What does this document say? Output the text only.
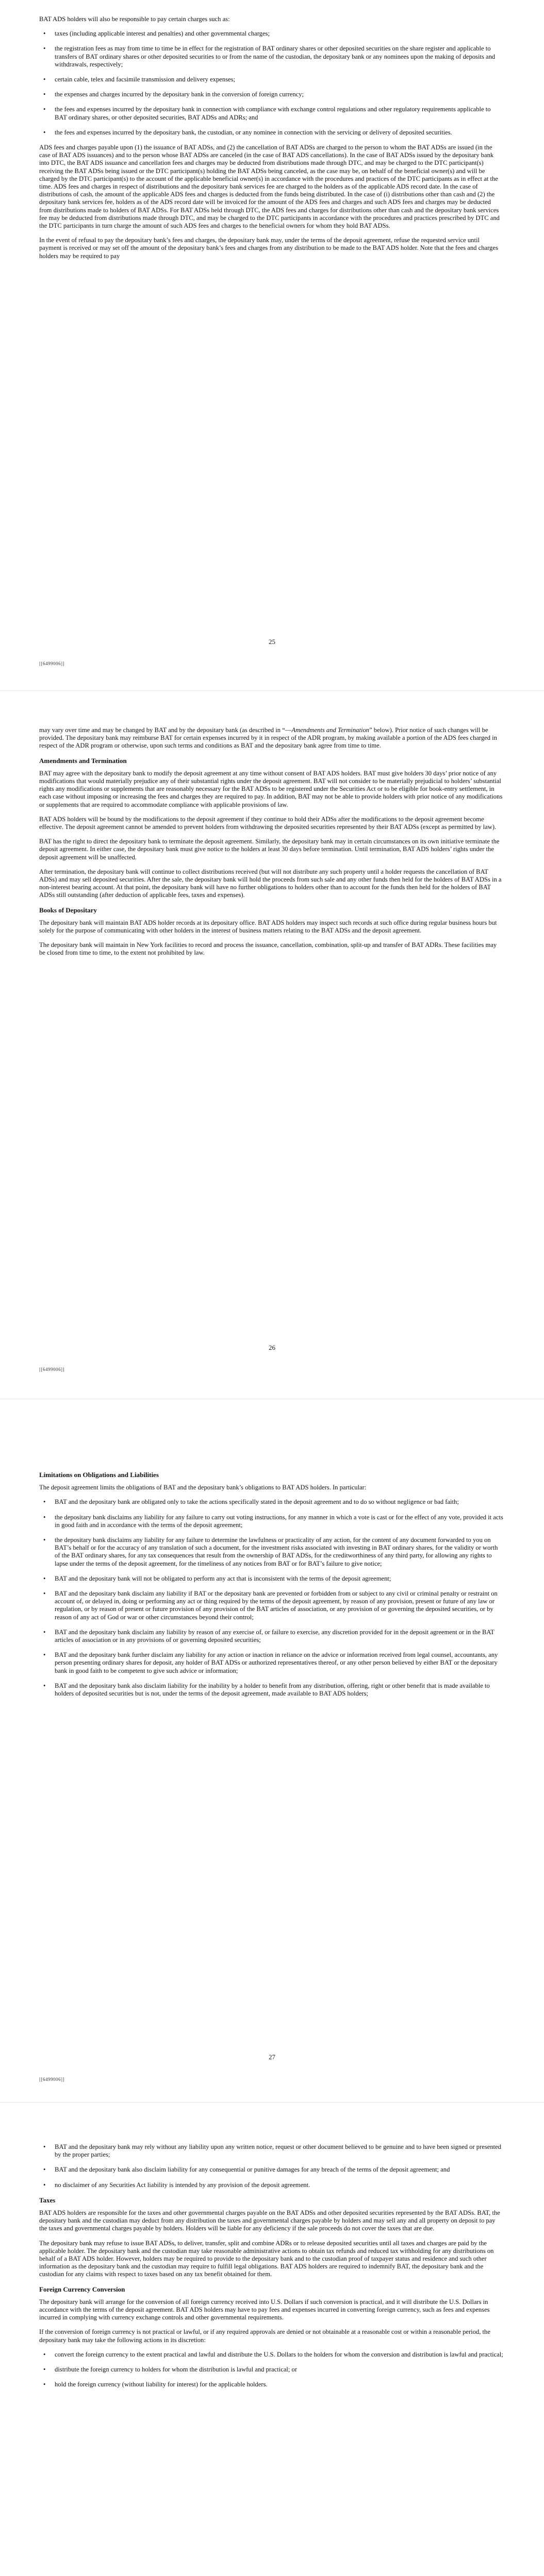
BAT ADS holders will also be responsible to pay certain charges such as:

• taxes (including applicable interest and penalties) and other governmental charges;
• the registration fees as may from time to time be in effect for the registration of BAT ordinary shares or other deposited securities on the share register and applicable to transfers of BAT ordinary shares or other deposited securities to or from the name of the custodian, the depositary bank or any nominees upon the making of deposits and withdrawals, respectively;
• certain cable, telex and facsimile transmission and delivery expenses;
• the expenses and charges incurred by the depositary bank in the conversion of foreign currency;
• the fees and expenses incurred by the depositary bank in connection with compliance with exchange control regulations and other regulatory requirements applicable to BAT ordinary shares, or other deposited securities, BAT ADSs and ADRs; and
• the fees and expenses incurred by the depositary bank, the custodian, or any nominee in connection with the servicing or delivery of deposited securities.

ADS fees and charges payable upon (1) the issuance of BAT ADSs, and (2) the cancellation of BAT ADSs are charged to the person to whom the BAT ADSs are issued (in the case of BAT ADS issuances) and to the person whose BAT ADSs are canceled (in the case of BAT ADS cancellations). In the case of BAT ADSs issued by the depositary bank into DTC, the BAT ADS issuance and cancellation fees and charges may be deducted from distributions made through DTC, and may be charged to the DTC participant(s) receiving the BAT ADSs being issued or the DTC participant(s) holding the BAT ADSs being canceled, as the case may be, on behalf of the beneficial owner(s) and will be charged by the DTC participant(s) to the account of the applicable beneficial owner(s) in accordance with the procedures and practices of the DTC participants as in effect at the time. ADS fees and charges in respect of distributions and the depositary bank services fee are charged to the holders as of the applicable ADS record date. In the case of distributions of cash, the amount of the applicable ADS fees and charges is deducted from the funds being distributed. In the case of (i) distributions other than cash and (2) the depositary bank services fee, holders as of the ADS record date will be invoiced for the amount of the ADS fees and charges and such ADS fees and charges may be deducted from distributions made to holders of BAT ADSs. For BAT ADSs held through DTC, the ADS fees and charges for distributions other than cash and the depositary bank services fee may be deducted from distributions made through DTC, and may be charged to the DTC participants in accordance with the procedures and practices prescribed by DTC and the DTC participants in turn charge the amount of such ADS fees and charges to the beneficial owners for whom they hold BAT ADSs.

In the event of refusal to pay the depositary bank’s fees and charges, the depositary bank may, under the terms of the deposit agreement, refuse the requested service until payment is received or may set off the amount of the depositary bank’s fees and charges from any distribution to be made to the BAT ADS holder. Note that the fees and charges holders may be required to pay

25
[[6499006]]

may vary over time and may be changed by BAT and by the depositary bank (as described in “—Amendments and Termination” below). Prior notice of such changes will be provided. The depositary bank may reimburse BAT for certain expenses incurred by it in respect of the ADR program, by making available a portion of the ADS fees charged in respect of the ADR program or otherwise, upon such terms and conditions as BAT and the depositary bank agree from time to time.

Amendments and Termination

BAT may agree with the depositary bank to modify the deposit agreement at any time without consent of BAT ADS holders. BAT must give holders 30 days’ prior notice of any modifications that would materially prejudice any of their substantial rights under the deposit agreement. BAT will not consider to be materially prejudicial to holders’ substantial rights any modifications or supplements that are reasonably necessary for the BAT ADSs to be registered under the Securities Act or to be eligible for book-entry settlement, in each case without imposing or increasing the fees and charges they are required to pay. In addition, BAT may not be able to provide holders with prior notice of any modifications or supplements that are required to accommodate compliance with applicable provisions of law.

BAT ADS holders will be bound by the modifications to the deposit agreement if they continue to hold their ADSs after the modifications to the deposit agreement become effective. The deposit agreement cannot be amended to prevent holders from withdrawing the deposited securities represented by their BAT ADSs (except as permitted by law).

BAT has the right to direct the depositary bank to terminate the deposit agreement. Similarly, the depositary bank may in certain circumstances on its own initiative terminate the deposit agreement. In either case, the depositary bank must give notice to the holders at least 30 days before termination. Until termination, BAT ADS holders’ rights under the deposit agreement will be unaffected.

After termination, the depositary bank will continue to collect distributions received (but will not distribute any such property until a holder requests the cancellation of BAT ADSs) and may sell deposited securities. After the sale, the depositary bank will hold the proceeds from such sale and any other funds then held for the holders of BAT ADSs in a non-interest bearing account. At that point, the depositary bank will have no further obligations to holders other than to account for the funds then held for the holders of BAT ADSs still outstanding (after deduction of applicable fees, taxes and expenses).

Books of Depositary

The depositary bank will maintain BAT ADS holder records at its depositary office. BAT ADS holders may inspect such records at such office during regular business hours but solely for the purpose of communicating with other holders in the interest of business matters relating to the BAT ADSs and the deposit agreement.

The depositary bank will maintain in New York facilities to record and process the issuance, cancellation, combination, split-up and transfer of BAT ADRs. These facilities may be closed from time to time, to the extent not prohibited by law.

26
[[6499006]]
Limitations on Obligations and Liabilities

The deposit agreement limits the obligations of BAT and the depositary bank’s obligations to BAT ADS holders. In particular:

• BAT and the depositary bank are obligated only to take the actions specifically stated in the deposit agreement and to do so without negligence or bad faith;
• the depositary bank disclaims any liability for any failure to carry out voting instructions, for any manner in which a vote is cast or for the effect of any vote, provided it acts in good faith and in accordance with the terms of the deposit agreement;
• the depositary bank disclaims any liability for any failure to determine the lawfulness or practicality of any action, for the content of any document forwarded to you on BAT’s behalf or for the accuracy of any translation of such a document, for the investment risks associated with investing in BAT ordinary shares, for the validity or worth of the BAT ordinary shares, for any tax consequences that result from the ownership of BAT ADSs, for the creditworthiness of any third party, for allowing any rights to lapse under the terms of the deposit agreement, for the timeliness of any notices from BAT or for BAT’s failure to give notice;
• BAT and the depositary bank will not be obligated to perform any act that is inconsistent with the terms of the deposit agreement;
• BAT and the depositary bank disclaim any liability if BAT or the depositary bank are prevented or forbidden from or subject to any civil or criminal penalty or restraint on account of, or delayed in, doing or performing any act or thing required by the terms of the deposit agreement, by reason of any provision, present or future of any law or regulation, or by reason of present or future provision of any provision of the BAT articles of association, or any provision of or governing the deposited securities, or by reason of any act of God or war or other circumstances beyond their control;
• BAT and the depositary bank disclaim any liability by reason of any exercise of, or failure to exercise, any discretion provided for in the deposit agreement or in the BAT articles of association or in any provisions of or governing deposited securities;
• BAT and the depositary bank further disclaim any liability for any action or inaction in reliance on the advice or information received from legal counsel, accountants, any person presenting ordinary shares for deposit, any holder of BAT ADSs or authorized representatives thereof, or any other person believed by either BAT or the depositary bank in good faith to be competent to give such advice or information;
• BAT and the depositary bank also disclaim liability for the inability by a holder to benefit from any distribution, offering, right or other benefit that is made available to holders of deposited securities but is not, under the terms of the deposit agreement, made available to BAT ADS holders;
27
[[6499006]]
• BAT and the depositary bank may rely without any liability upon any written notice, request or other document believed to be genuine and to have been signed or presented by the proper parties;
• BAT and the depositary bank also disclaim liability for any consequential or punitive damages for any breach of the terms of the deposit agreement; and
• no disclaimer of any Securities Act liability is intended by any provision of the deposit agreement.
Taxes

BAT ADS holders are responsible for the taxes and other governmental charges payable on the BAT ADSs and other deposited securities represented by the BAT ADSs. BAT, the depositary bank and the custodian may deduct from any distribution the taxes and governmental charges payable by holders and may sell any and all property on deposit to pay the taxes and governmental charges payable by holders. Holders will be liable for any deficiency if the sale proceeds do not cover the taxes that are due.

The depositary bank may refuse to issue BAT ADSs, to deliver, transfer, split and combine ADRs or to release deposited securities until all taxes and charges are paid by the applicable holder. The depositary bank and the custodian may take reasonable administrative actions to obtain tax refunds and reduced tax withholding for any distributions on behalf of a BAT ADS holder. However, holders may be required to provide to the depositary bank and to the custodian proof of taxpayer status and residence and such other information as the depositary bank and the custodian may require to fulfill legal obligations. BAT ADS holders are required to indemnify BAT, the depositary bank and the custodian for any claims with respect to taxes based on any tax benefit obtained for them.

Foreign Currency Conversion

The depositary bank will arrange for the conversion of all foreign currency received into U.S. Dollars if such conversion is practical, and it will distribute the U.S. Dollars in accordance with the terms of the deposit agreement. BAT ADS holders may have to pay fees and expenses incurred in converting foreign currency, such as fees and expenses incurred in complying with currency exchange controls and other governmental requirements.

If the conversion of foreign currency is not practical or lawful, or if any required approvals are denied or not obtainable at a reasonable cost or within a reasonable period, the depositary bank may take the following actions in its discretion:

• convert the foreign currency to the extent practical and lawful and distribute the U.S. Dollars to the holders for whom the conversion and distribution is lawful and practical;
• distribute the foreign currency to holders for whom the distribution is lawful and practical; or
• hold the foreign currency (without liability for interest) for the applicable holders.
